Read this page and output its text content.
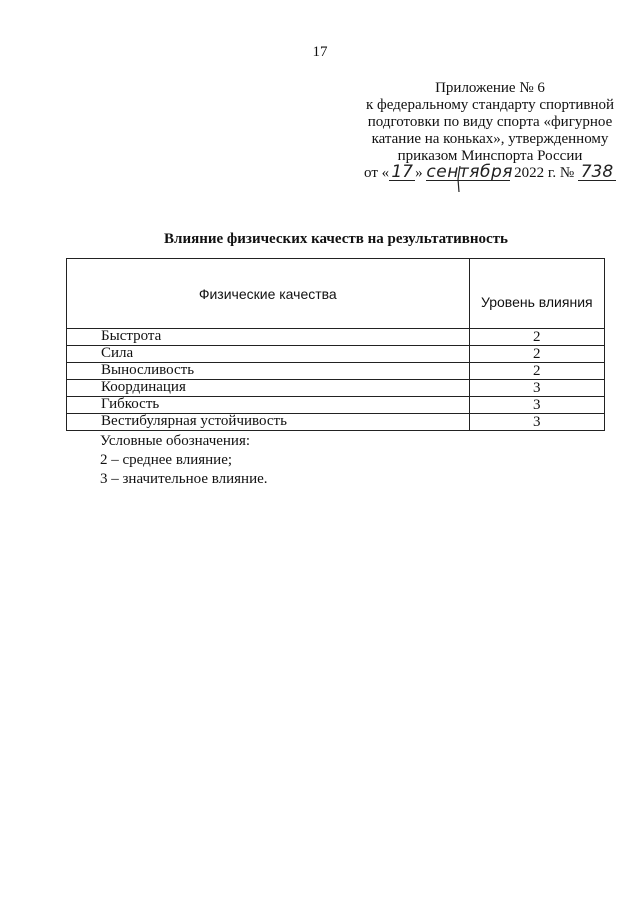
17
Приложение № 6
к федеральному стандарту спортивной
подготовки по виду спорта «фигурное
катание на коньках», утвержденному
приказом Минспорта России
от « 17 » сентября 2022 г. № 738
Влияние физических качеств на результативность
Физические качества	Уровень влияния
Быстрота	2
Сила	2
Выносливость	2
Координация	3
Гибкость	3
Вестибулярная устойчивость	3
Условные обозначения:
2 – среднее влияние;
3 – значительное влияние.
